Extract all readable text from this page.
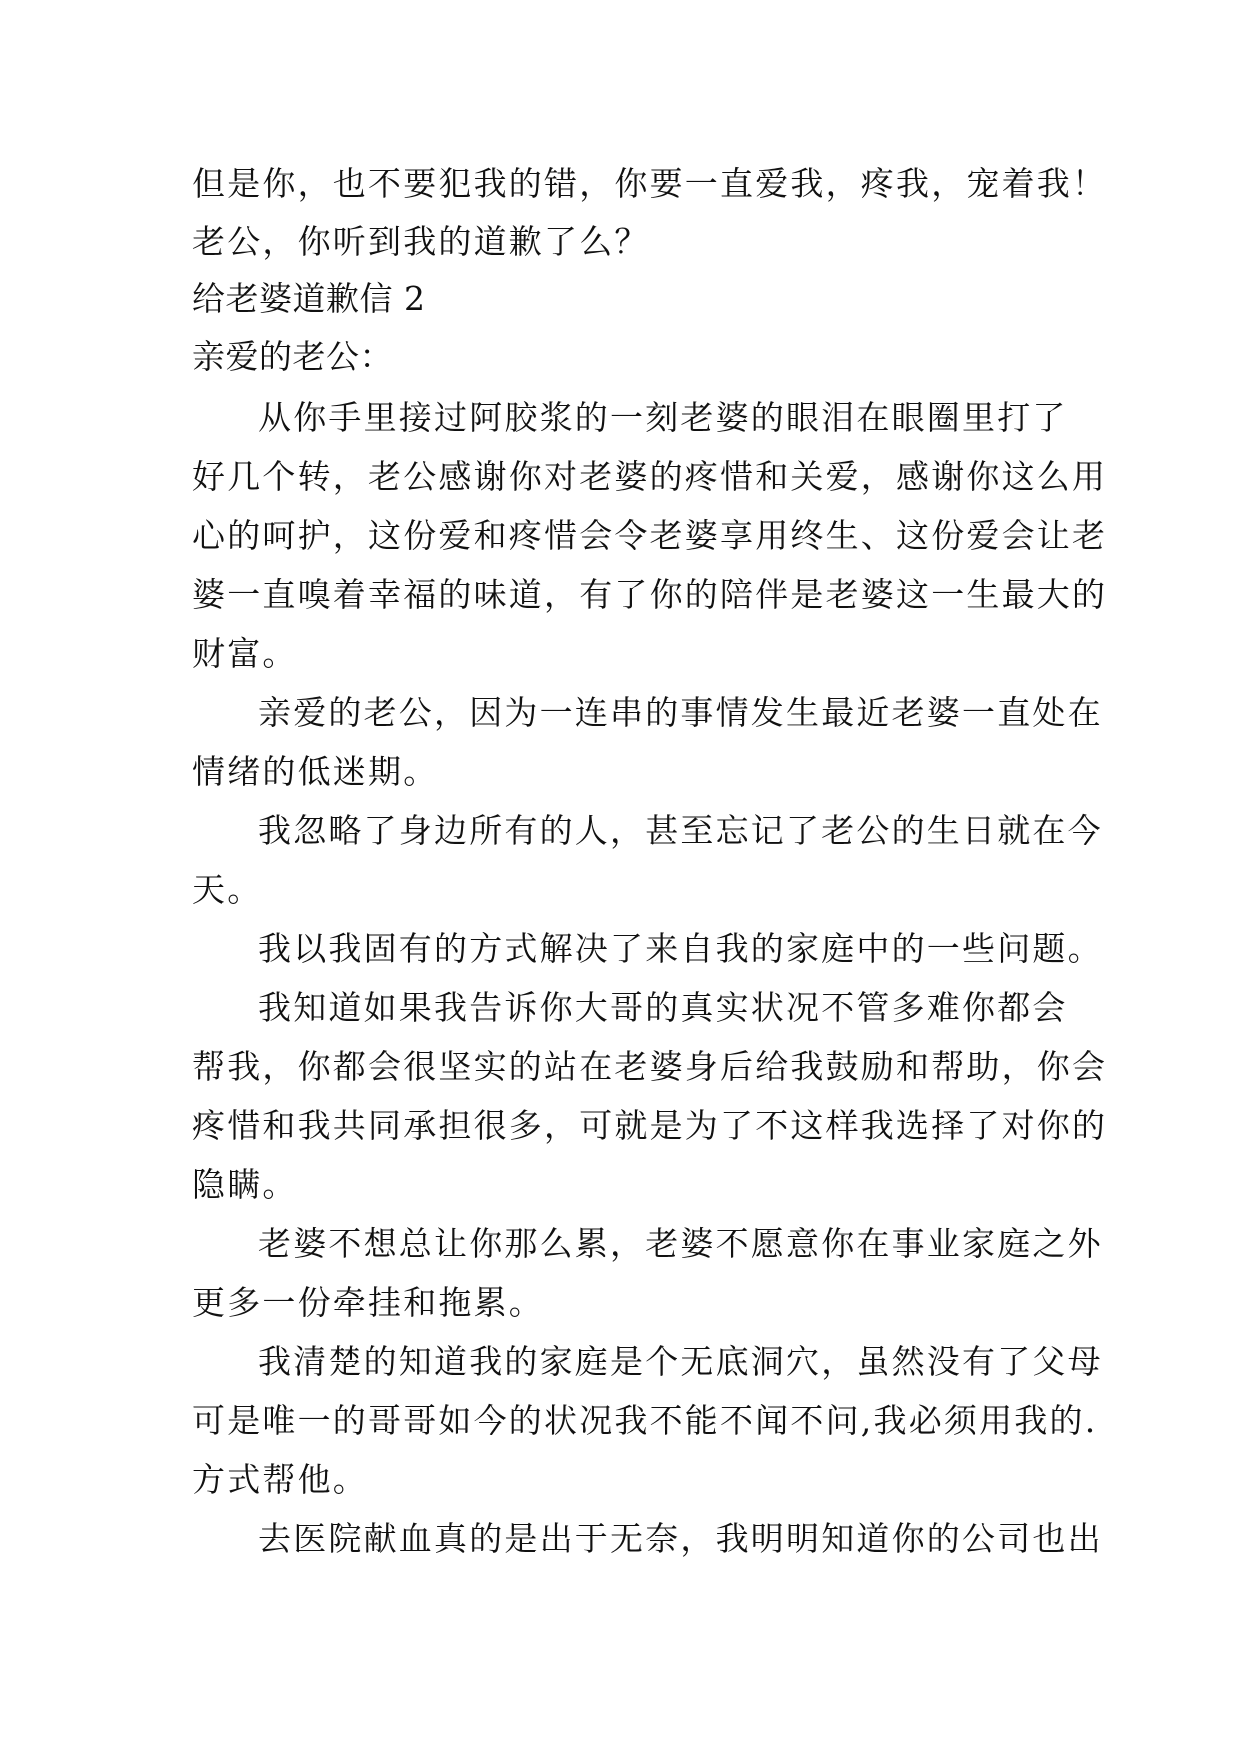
但是你，也不要犯我的错，你要一直爱我，疼我，宠着我！
老公，你听到我的道歉了么？
给老婆道歉信 2
亲爱的老公：
从你手里接过阿胶浆的一刻老婆的眼泪在眼圈里打了
好几个转，老公感谢你对老婆的疼惜和关爱，感谢你这么用
心的呵护，这份爱和疼惜会令老婆享用终生、这份爱会让老
婆一直嗅着幸福的味道，有了你的陪伴是老婆这一生最大的
财富。
亲爱的老公，因为一连串的事情发生最近老婆一直处在
情绪的低迷期。
我忽略了身边所有的人，甚至忘记了老公的生日就在今
天。
我以我固有的方式解决了来自我的家庭中的一些问题。
我知道如果我告诉你大哥的真实状况不管多难你都会
帮我，你都会很坚实的站在老婆身后给我鼓励和帮助，你会
疼惜和我共同承担很多，可就是为了不这样我选择了对你的
隐瞒。
老婆不想总让你那么累，老婆不愿意你在事业家庭之外
更多一份牵挂和拖累。
我清楚的知道我的家庭是个无底洞穴，虽然没有了父母
可是唯一的哥哥如今的状况我不能不闻不问,我必须用我的.
方式帮他。
去医院献血真的是出于无奈，我明明知道你的公司也出
